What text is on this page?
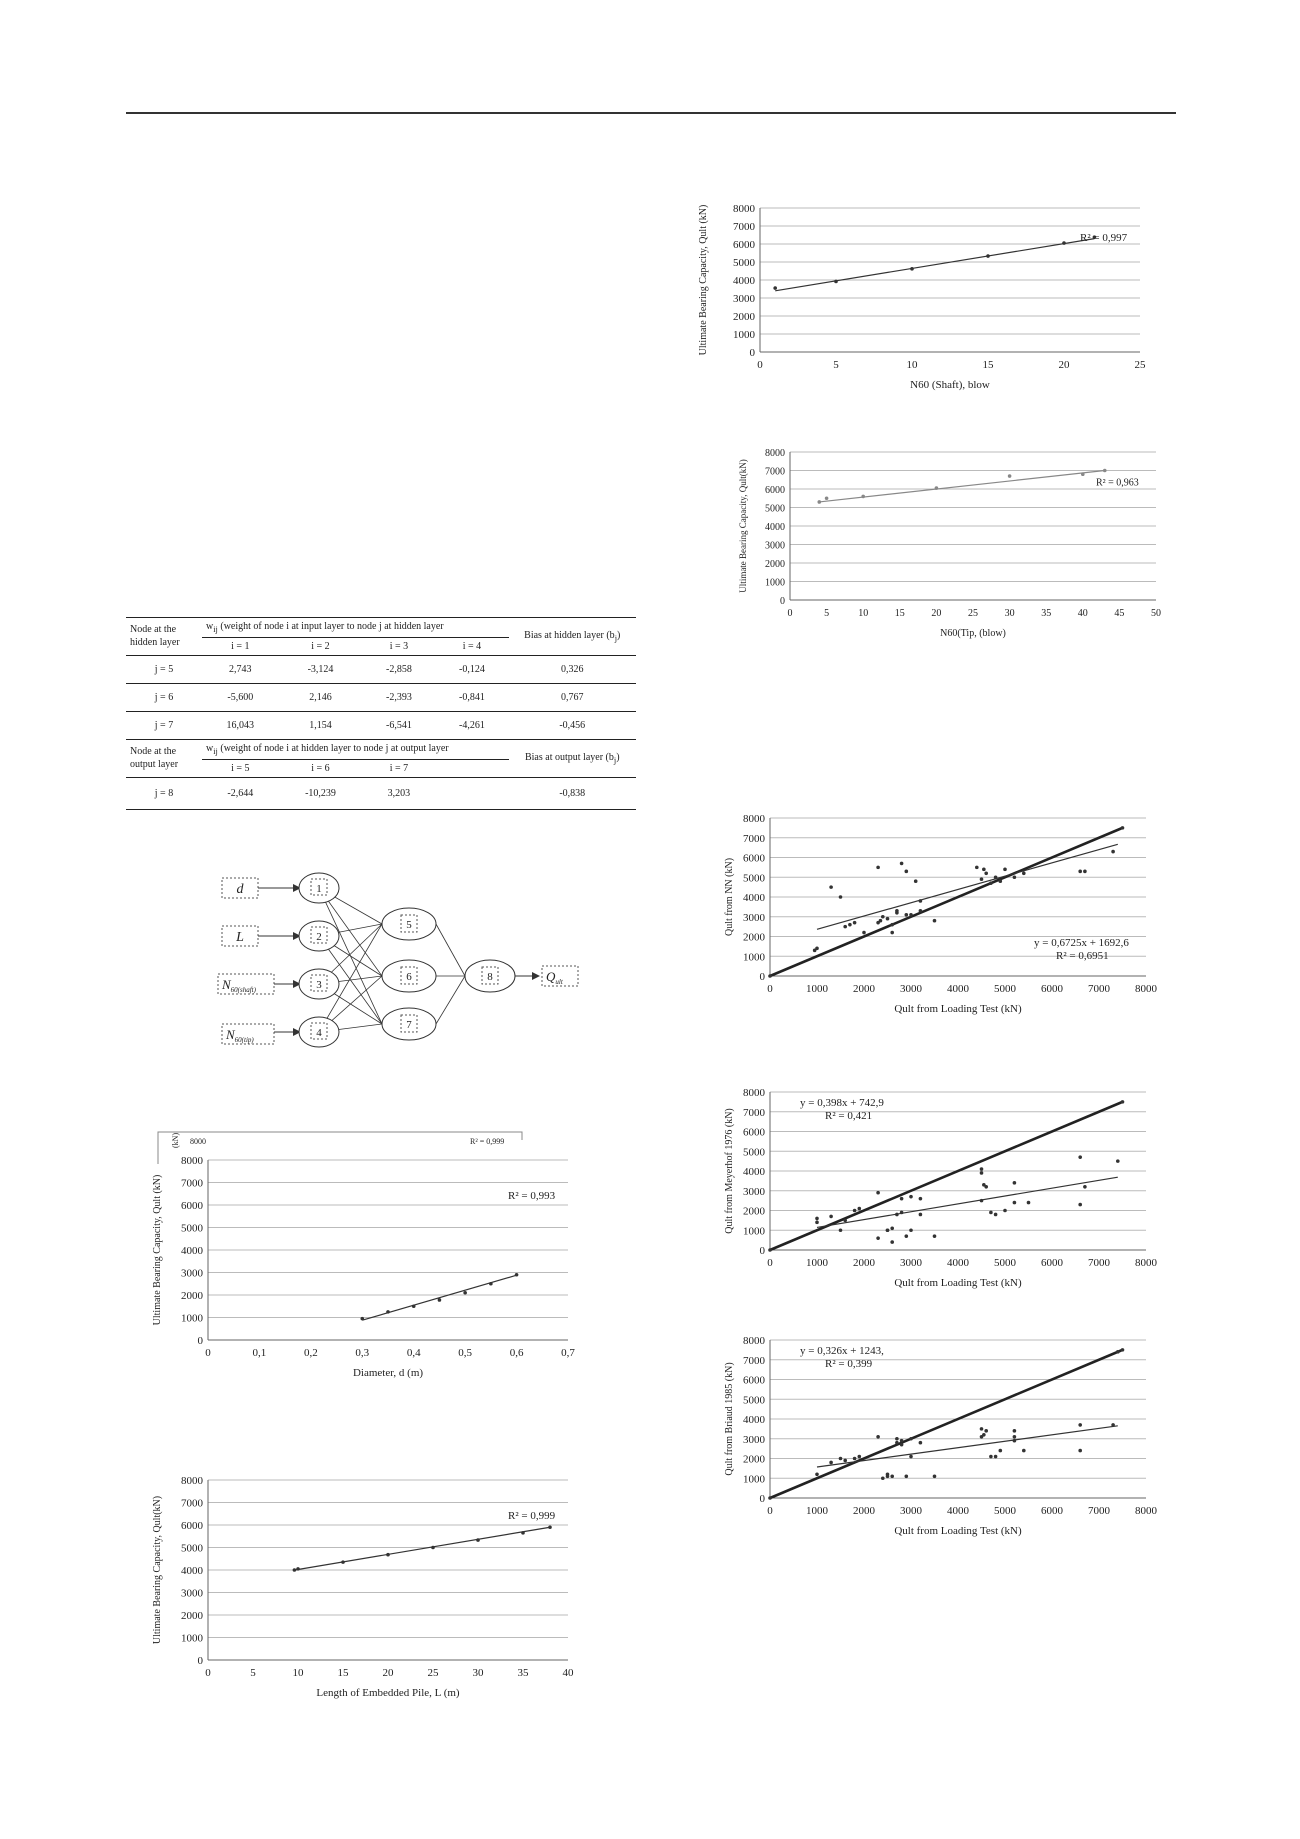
Node at the hidden layer	$w_{ij}$ (weight of node i at input layer to node j at hidden layer				Bias at hidden layer $(b_j)$
	i = 1	i = 2	i = 3	i = 4	
j = 5	2,743	-3,124	-2,858	-0,124	0,326
j = 6	-5,600	2,146	-2,393	-0,841	0,767
j = 7	16,043	1,154	-6,541	-4,261	-0,456
Node at the output layer	$w_{ij}$ (weight of node i at hidden layer to node j at output layer				Bias at output layer $(b_j)$
	i = 5	i = 6	i = 7		
j = 8	-2,644	-10,239	3,203		-0,838
d	1
L	2
$N_{60(shaft)}$	3
$N_{60(tip)}$
4
5
6
7
8	$Q_{ult}$
(kN) 8000	R² = 0,999
0
1000
2000
3000
4000
5000
6000
7000
8000
0	0,1	0,2	0,3	0,4	0,5	0,6	0,7
Diameter, d (m)
Ultimate Bearing Capacity, Qult (kN)	R² = 0,993
0
1000
2000
3000
4000
5000
6000
7000
8000
0	5	10	15	20	25	30	35	40
Length of Embedded Pile, L (m)
Ultimate Bearing Capacity, Qult(kN)	R² = 0,999
0
1000
2000
3000
4000
5000
6000
7000
8000
0	5	10	15	20	25
N60 (Shaft), blow
Ultimate Bearing Capacity, Qult (kN)	R² = 0,997
0
1000
2000
3000
4000
5000
6000
7000
8000
0	5	10	15	20	25	30	35	40	45	50
N60(Tip, (blow)
Ultimate Bearing Capacity, Qult(kN)	R² = 0,963
0
1000
2000
3000
4000
5000
6000
7000
8000
0	1000 2000 3000 4000 5000 6000 7000 8000
Qult from Loading Test (kN)
Qult from NN (kN)
y = 0,6725x + 1692,6
R² = 0,6951
0
1000
2000
3000
4000
5000
6000
7000
8000
0	1000 2000 3000 4000 5000 6000 7000 8000
Qult from Loading Test (kN)
Qult from Meyerhof 1976 (kN)
y = 0,398x + 742,9
R² = 0,421
0
1000
2000
3000
4000
5000
6000
7000
8000
0	1000 2000 3000 4000 5000 6000 7000 8000
Qult from Loading Test (kN)
Qult from Briaud 1985 (kN)
y = 0,326x + 1243,
R² = 0,399
